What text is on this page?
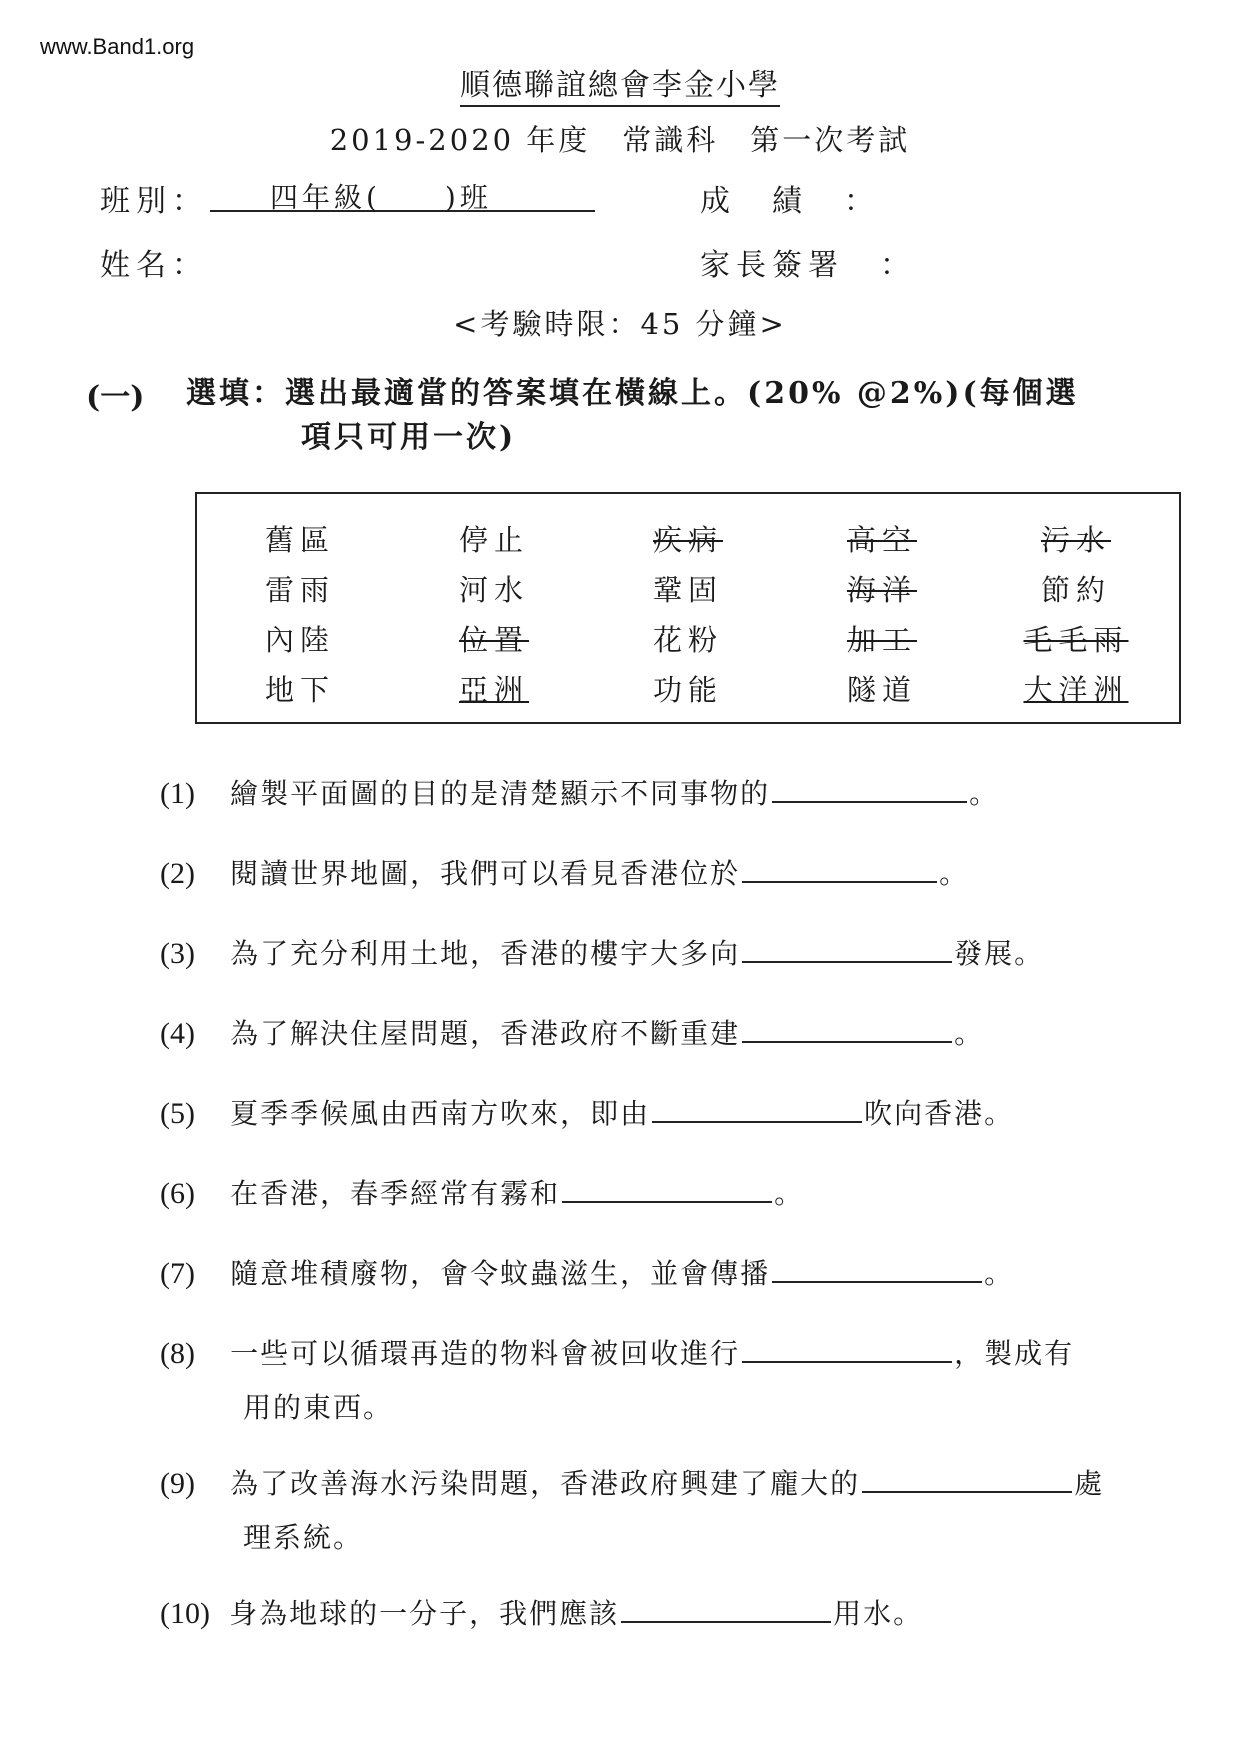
www.Band1.org
順德聯誼總會李金小學
2019-2020 年度　常識科　第一次考試
班別： 四年級(　　)班	成　績　：
姓名：	家長簽署　：
<考驗時限：45 分鐘>
(一) 選填：選出最適當的答案填在橫線上。(20% @2%)(每個選
項只可用一次)
舊區	停止	疾病	高空	污水
雷雨	河水	鞏固	海洋	節約
內陸	位置	花粉	加工	毛毛雨
地下	亞洲	功能	隧道	大洋洲
(1) 繪製平面圖的目的是清楚顯示不同事物的	。
(2) 閱讀世界地圖，我們可以看見香港位於	。
(3) 為了充分利用土地，香港的樓宇大多向	發展。
(4) 為了解決住屋問題，香港政府不斷重建	。
(5) 夏季季候風由西南方吹來，即由	吹向香港。
(6) 在香港，春季經常有霧和	。
(7) 隨意堆積廢物，會令蚊蟲滋生，並會傳播	。
(8) 一些可以循環再造的物料會被回收進行	，製成有
用的東西。
(9) 為了改善海水污染問題，香港政府興建了龐大的	處
理系統。
(10) 身為地球的一分子，我們應該	用水。
